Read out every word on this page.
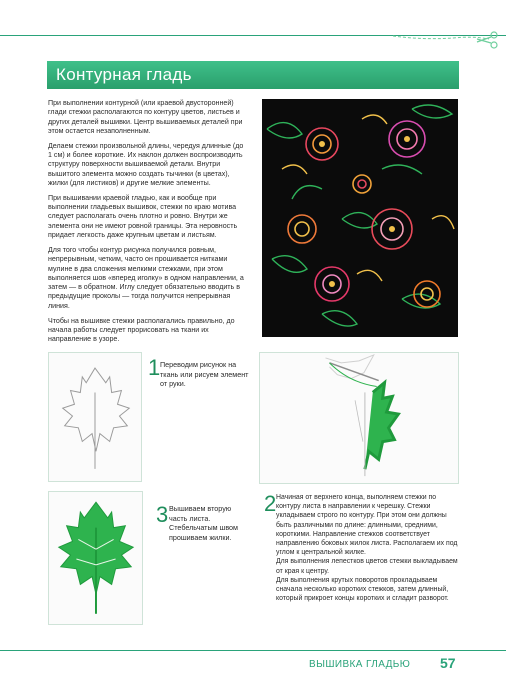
Контурная гладь

При выполнении контурной (или краевой двусторонней) глади стежки располагаются по контуру цветов, листьев и других деталей вышивки. Центр вышиваемых деталей при этом остается незаполненным.

Делаем стежки произвольной длины, чередуя длинные (до 1 см) и более короткие. Их наклон должен воспроизводить структуру поверхности вышиваемой детали. Внутри вышитого элемента можно создать тычинки (в цветах), жилки (для листиков) и другие мелкие элементы.

При вышивании краевой гладью, как и вообще при выполнении гладьевых вышивок, стежки по краю мотива следует располагать очень плотно и ровно. Внутри же элемента они не имеют ровной границы. Эта неровность придает легкость даже крупным цветам и листьям.

Для того чтобы контур рисунка получился ровным, непрерывным, четким, часто он прошивается нитками мулине в два сложения мелкими стежками, при этом выполняется шов «вперед иголку» в одном направлении, а затем — в обратном. Иглу следует обязательно вводить в предыдущие проколы — тогда получится непрерывная линия.

Чтобы на вышивке стежки располагались правильно, до начала работы следует прорисовать на ткани их направление в узоре.

1 Переводим рисунок на ткань или рисуем элемент от руки.
3 Вышиваем вторую часть листа. Стебельчатым швом прошиваем жилки.
2 Начиная от верхнего конца, выполняем стежки по контуру листа в направлении к черешку. Стежки укладываем строго по контуру. При этом они должны быть различными по длине: длинными, средними, короткими. Направление стежков соответствует направлению боковых жилок листа. Располагаем их под углом к центральной жилке.
Для выполнения лепестков цветов стежки выкладываем от края к центру.
Для выполнения крутых поворотов прокладываем сначала несколько коротких стежков, затем длинный, который прикроет концы коротких и сгладит разворот.
ВЫШИВКА ГЛАДЬЮ 57
